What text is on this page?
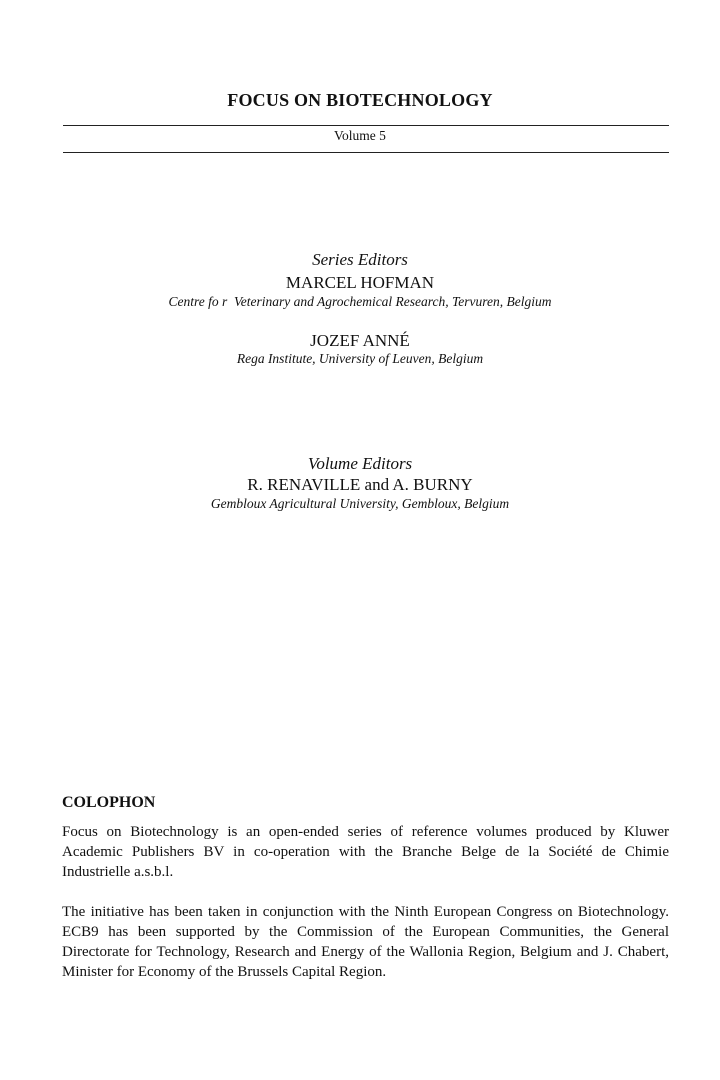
FOCUS ON BIOTECHNOLOGY
Volume 5
Series Editors
MARCEL HOFMAN
Centre fo r  Veterinary and Agrochemical Research, Tervuren, Belgium
JOZEF ANNÉ
Rega Institute, University of Leuven, Belgium
Volume Editors
R. RENAVILLE and A. BURNY
Gembloux Agricultural University, Gembloux, Belgium
COLOPHON

Focus on Biotechnology is an open-ended series of reference volumes produced by Kluwer Academic Publishers BV in co-operation with the Branche Belge de la Société de Chimie Industrielle a.s.b.l.

The initiative has been taken in conjunction with the Ninth European Congress on Biotechnology. ECB9 has been supported by the Commission of the European Communities, the General Directorate for Technology, Research and Energy of the Wallonia Region, Belgium and J. Chabert, Minister for Economy of the Brussels Capital Region.
